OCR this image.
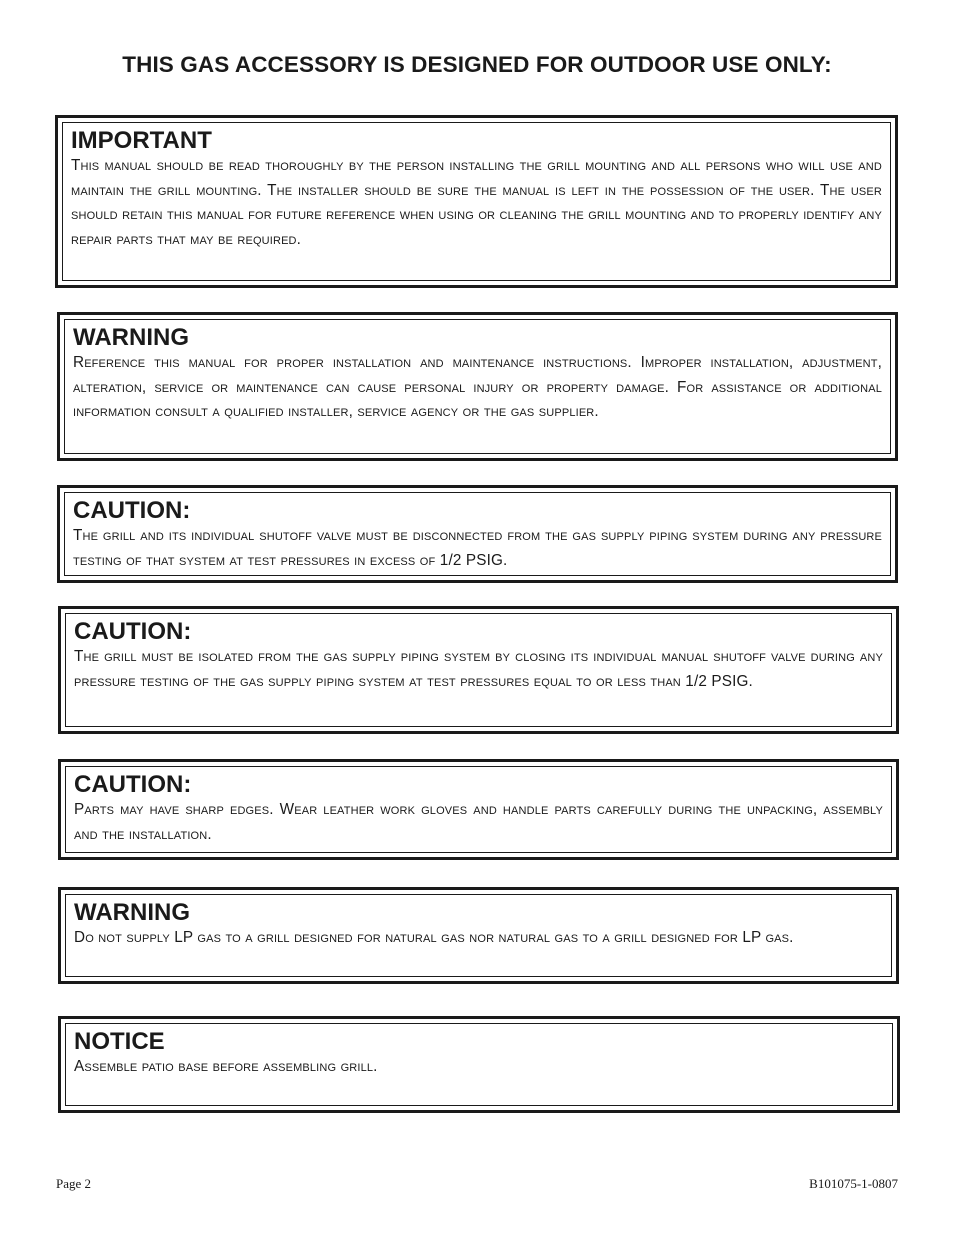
THIS GAS ACCESSORY IS DESIGNED FOR OUTDOOR USE ONLY:

IMPORTANT

This manual should be read thoroughly by the person installing the grill mounting and all persons who will use and maintain the grill mounting. The installer should be sure the manual is left in the possession of the user. The user should retain this manual for future reference when using or cleaning the grill mounting and to properly identify any repair parts that may be required.

WARNING

Reference this manual for proper installation and maintenance instructions. Improper installation, adjustment, alteration, service or maintenance can cause personal injury or property damage. For assistance or additional information consult a qualified installer, service agency or the gas supplier.

CAUTION:

The grill and its individual shutoff valve must be disconnected from the gas supply piping system during any pressure testing of that system at test pressures in excess of 1/2 PSIG.

CAUTION:

The grill must be isolated from the gas supply piping system by closing its individual manual shutoff valve during any pressure testing of the gas supply piping system at test pressures equal to or less than 1/2 PSIG.

CAUTION:

Parts may have sharp edges. Wear leather work gloves and handle parts carefully during the unpacking, assembly and the installation.

WARNING

Do not supply LP gas to a grill designed for natural gas nor natural gas to a grill designed for LP gas.

NOTICE

Assemble patio base before assembling grill.

Page 2	B101075-1-0807
